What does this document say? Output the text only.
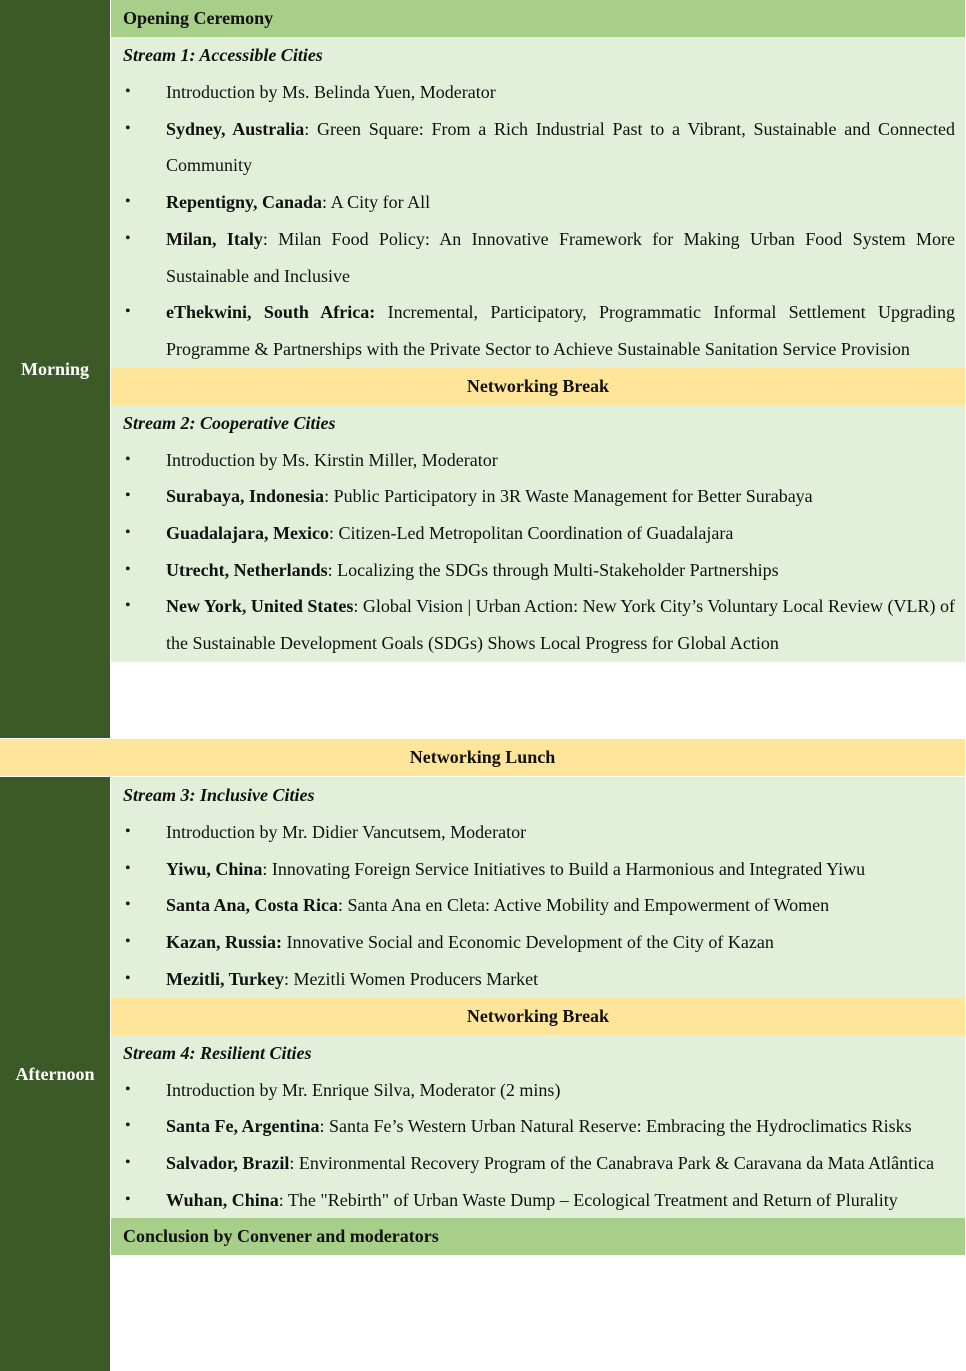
Morning
Opening Ceremony
Stream 1: Accessible Cities
• Introduction by Ms. Belinda Yuen, Moderator
• Sydney, Australia: Green Square: From a Rich Industrial Past to a Vibrant, Sustainable and Connected Community
• Repentigny, Canada: A City for All
• Milan, Italy: Milan Food Policy: An Innovative Framework for Making Urban Food System More Sustainable and Inclusive
• eThekwini, South Africa: Incremental, Participatory, Programmatic Informal Settlement Upgrading Programme & Partnerships with the Private Sector to Achieve Sustainable Sanitation Service Provision
Networking Break
Stream 2: Cooperative Cities
• Introduction by Ms. Kirstin Miller, Moderator
• Surabaya, Indonesia: Public Participatory in 3R Waste Management for Better Surabaya
• Guadalajara, Mexico: Citizen-Led Metropolitan Coordination of Guadalajara
• Utrecht, Netherlands: Localizing the SDGs through Multi-Stakeholder Partnerships
• New York, United States: Global Vision | Urban Action: New York City’s Voluntary Local Review (VLR) of the Sustainable Development Goals (SDGs) Shows Local Progress for Global Action
Networking Lunch
Afternoon
Stream 3: Inclusive Cities
• Introduction by Mr. Didier Vancutsem, Moderator
• Yiwu, China: Innovating Foreign Service Initiatives to Build a Harmonious and Integrated Yiwu
• Santa Ana, Costa Rica: Santa Ana en Cleta: Active Mobility and Empowerment of Women
• Kazan, Russia: Innovative Social and Economic Development of the City of Kazan
• Mezitli, Turkey: Mezitli Women Producers Market
Networking Break
Stream 4: Resilient Cities
• Introduction by Mr. Enrique Silva, Moderator (2 mins)
• Santa Fe, Argentina: Santa Fe’s Western Urban Natural Reserve: Embracing the Hydroclimatics Risks
• Salvador, Brazil: Environmental Recovery Program of the Canabrava Park & Caravana da Mata Atlântica
• Wuhan, China: The "Rebirth" of Urban Waste Dump – Ecological Treatment and Return of Plurality
Conclusion by Convener and moderators
